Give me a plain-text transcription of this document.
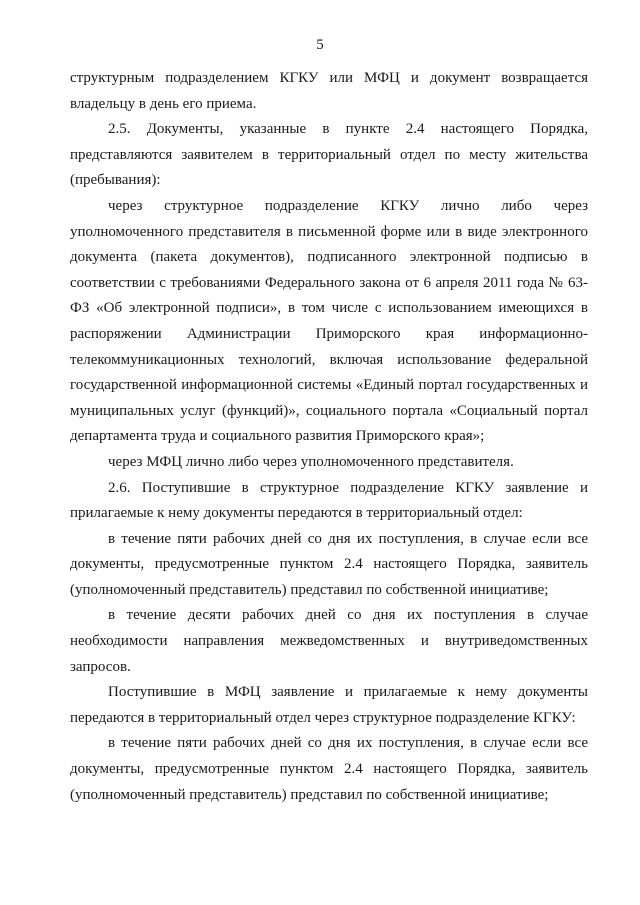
5

структурным подразделением КГКУ или МФЦ и документ возвращается владельцу в день его приема.

2.5. Документы, указанные в пункте 2.4 настоящего Порядка, представляются заявителем в территориальный отдел по месту жительства (пребывания):

через структурное подразделение КГКУ лично либо через уполномоченного представителя в письменной форме или в виде электронного документа (пакета документов), подписанного электронной подписью в соответствии с требованиями Федерального закона от 6 апреля 2011 года № 63-ФЗ «Об электронной подписи», в том числе с использованием имеющихся в распоряжении Администрации Приморского края информационно-телекоммуникационных технологий, включая использование федеральной государственной информационной системы «Единый портал государственных и муниципальных услуг (функций)», социального портала «Социальный портал департамента труда и социального развития Приморского края»;

через МФЦ лично либо через уполномоченного представителя.

2.6. Поступившие в структурное подразделение КГКУ заявление и прилагаемые к нему документы передаются в территориальный отдел:

в течение пяти рабочих дней со дня их поступления, в случае если все документы, предусмотренные пунктом 2.4 настоящего Порядка, заявитель (уполномоченный представитель) представил по собственной инициативе;

в течение десяти рабочих дней со дня их поступления в случае необходимости направления межведомственных и внутриведомственных запросов.

Поступившие в МФЦ заявление и прилагаемые к нему документы передаются в территориальный отдел через структурное подразделение КГКУ:

в течение пяти рабочих дней со дня их поступления, в случае если все документы, предусмотренные пунктом 2.4 настоящего Порядка, заявитель (уполномоченный представитель) представил по собственной инициативе;
